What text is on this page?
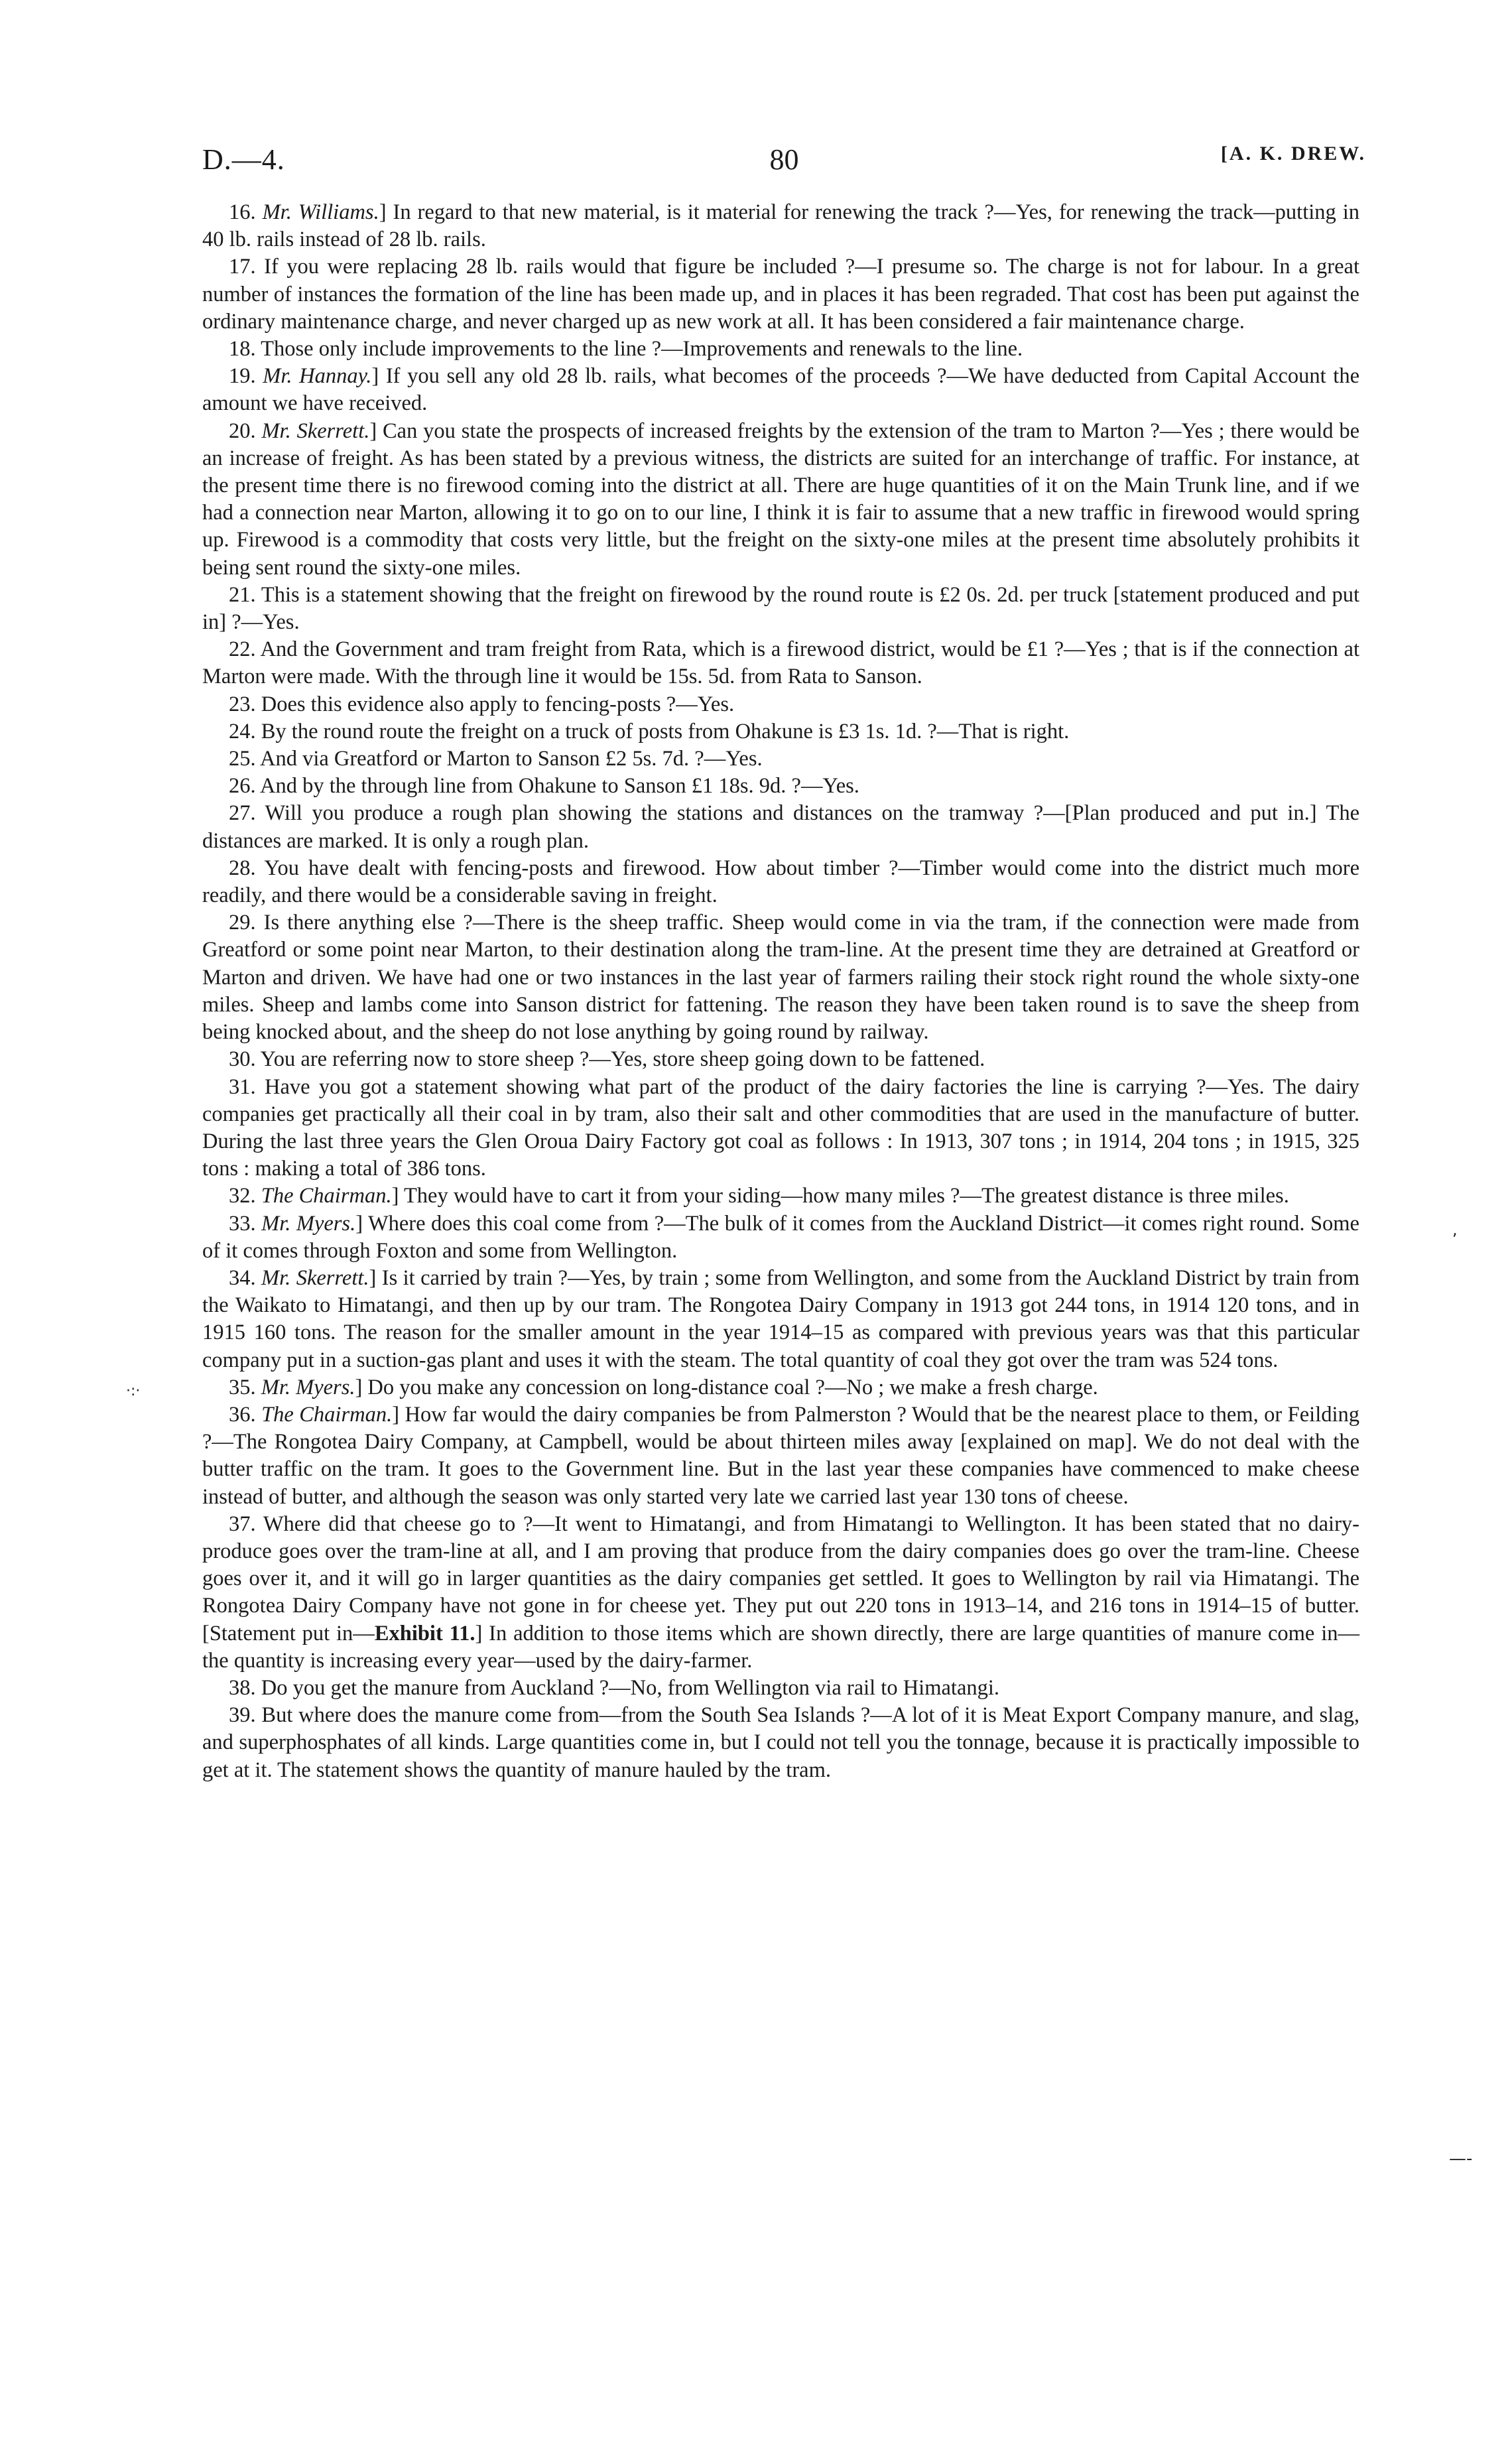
D.—4.	80	[A. K. DREW.

16. Mr. Williams.] In regard to that new material, is it material for renewing the track ?—Yes, for renewing the track—putting in 40 lb. rails instead of 28 lb. rails.

17. If you were replacing 28 lb. rails would that figure be included ?—I presume so. The charge is not for labour. In a great number of instances the formation of the line has been made up, and in places it has been regraded. That cost has been put against the ordinary maintenance charge, and never charged up as new work at all. It has been considered a fair maintenance charge.

18. Those only include improvements to the line ?—Improvements and renewals to the line.

19. Mr. Hannay.] If you sell any old 28 lb. rails, what becomes of the proceeds ?—We have deducted from Capital Account the amount we have received.

20. Mr. Skerrett.] Can you state the prospects of increased freights by the extension of the tram to Marton ?—Yes ; there would be an increase of freight. As has been stated by a previous witness, the districts are suited for an interchange of traffic. For instance, at the present time there is no firewood coming into the district at all. There are huge quantities of it on the Main Trunk line, and if we had a connection near Marton, allowing it to go on to our line, I think it is fair to assume that a new traffic in firewood would spring up. Firewood is a commodity that costs very little, but the freight on the sixty-one miles at the present time absolutely prohibits it being sent round the sixty-one miles.

21. This is a statement showing that the freight on firewood by the round route is £2 0s. 2d. per truck [statement produced and put in] ?—Yes.

22. And the Government and tram freight from Rata, which is a firewood district, would be £1 ?—Yes ; that is if the connection at Marton were made. With the through line it would be 15s. 5d. from Rata to Sanson.

23. Does this evidence also apply to fencing-posts ?—Yes.

24. By the round route the freight on a truck of posts from Ohakune is £3 1s. 1d. ?—That is right.

25. And via Greatford or Marton to Sanson £2 5s. 7d. ?—Yes.

26. And by the through line from Ohakune to Sanson £1 18s. 9d. ?—Yes.

27. Will you produce a rough plan showing the stations and distances on the tramway ?—[Plan produced and put in.] The distances are marked. It is only a rough plan.

28. You have dealt with fencing-posts and firewood. How about timber ?—Timber would come into the district much more readily, and there would be a considerable saving in freight.

29. Is there anything else ?—There is the sheep traffic. Sheep would come in via the tram, if the connection were made from Greatford or some point near Marton, to their destination along the tram-line. At the present time they are detrained at Greatford or Marton and driven. We have had one or two instances in the last year of farmers railing their stock right round the whole sixty-one miles. Sheep and lambs come into Sanson district for fattening. The reason they have been taken round is to save the sheep from being knocked about, and the sheep do not lose anything by going round by railway.

30. You are referring now to store sheep ?—Yes, store sheep going down to be fattened.

31. Have you got a statement showing what part of the product of the dairy factories the line is carrying ?—Yes. The dairy companies get practically all their coal in by tram, also their salt and other commodities that are used in the manufacture of butter. During the last three years the Glen Oroua Dairy Factory got coal as follows : In 1913, 307 tons ; in 1914, 204 tons ; in 1915, 325 tons : making a total of 386 tons.

32. The Chairman.] They would have to cart it from your siding—how many miles ?—The greatest distance is three miles.

33. Mr. Myers.] Where does this coal come from ?—The bulk of it comes from the Auckland District—it comes right round. Some of it comes through Foxton and some from Wellington.

34. Mr. Skerrett.] Is it carried by train ?—Yes, by train ; some from Wellington, and some from the Auckland District by train from the Waikato to Himatangi, and then up by our tram. The Rongotea Dairy Company in 1913 got 244 tons, in 1914 120 tons, and in 1915 160 tons. The reason for the smaller amount in the year 1914–15 as compared with previous years was that this particular company put in a suction-gas plant and uses it with the steam. The total quantity of coal they got over the tram was 524 tons.

35. Mr. Myers.] Do you make any concession on long-distance coal ?—No ; we make a fresh charge.

36. The Chairman.] How far would the dairy companies be from Palmerston ? Would that be the nearest place to them, or Feilding ?—The Rongotea Dairy Company, at Campbell, would be about thirteen miles away [explained on map]. We do not deal with the butter traffic on the tram. It goes to the Government line. But in the last year these companies have commenced to make cheese instead of butter, and although the season was only started very late we carried last year 130 tons of cheese.

37. Where did that cheese go to ?—It went to Himatangi, and from Himatangi to Wellington. It has been stated that no dairy-produce goes over the tram-line at all, and I am proving that produce from the dairy companies does go over the tram-line. Cheese goes over it, and it will go in larger quantities as the dairy companies get settled. It goes to Wellington by rail via Himatangi. The Rongotea Dairy Company have not gone in for cheese yet. They put out 220 tons in 1913–14, and 216 tons in 1914–15 of butter. [Statement put in—Exhibit 11.] In addition to those items which are shown directly, there are large quantities of manure come in—the quantity is increasing every year—used by the dairy-farmer.

38. Do you get the manure from Auckland ?—No, from Wellington via rail to Himatangi.

39. But where does the manure come from—from the South Sea Islands ?—A lot of it is Meat Export Company manure, and slag, and superphosphates of all kinds. Large quantities come in, but I could not tell you the tonnage, because it is practically impossible to get at it. The statement shows the quantity of manure hauled by the tram.

·:·
,
—‐
